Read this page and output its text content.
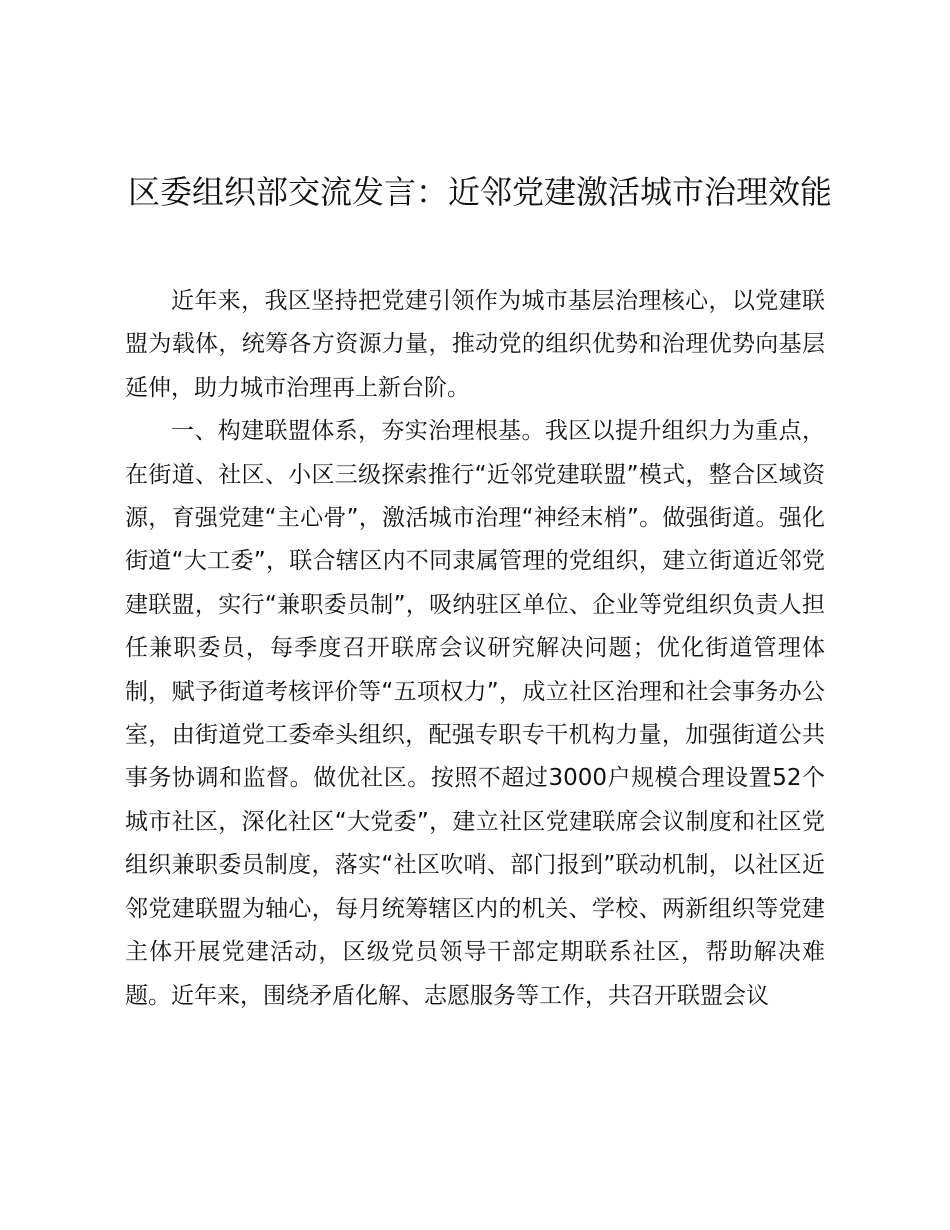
区委组织部交流发言：近邻党建激活城市治理效能

近年来，我区坚持把党建引领作为城市基层治理核心，以党建联盟为载体，统筹各方资源力量，推动党的组织优势和治理优势向基层延伸，助力城市治理再上新台阶。

一、构建联盟体系，夯实治理根基。我区以提升组织力为重点，在街道、社区、小区三级探索推行“近邻党建联盟”模式，整合区域资源，育强党建“主心骨”，激活城市治理“神经末梢”。做强街道。强化街道“大工委”，联合辖区内不同隶属管理的党组织，建立街道近邻党建联盟，实行“兼职委员制”，吸纳驻区单位、企业等党组织负责人担任兼职委员，每季度召开联席会议研究解决问题；优化街道管理体制，赋予街道考核评价等“五项权力”，成立社区治理和社会事务办公室，由街道党工委牵头组织，配强专职专干机构力量，加强街道公共事务协调和监督。做优社区。按照不超过3000户规模合理设置52个城市社区，深化社区“大党委”，建立社区党建联席会议制度和社区党组织兼职委员制度，落实“社区吹哨、部门报到”联动机制，以社区近邻党建联盟为轴心，每月统筹辖区内的机关、学校、两新组织等党建主体开展党建活动，区级党员领导干部定期联系社区，帮助解决难题。近年来，围绕矛盾化解、志愿服务等工作，共召开联盟会议
